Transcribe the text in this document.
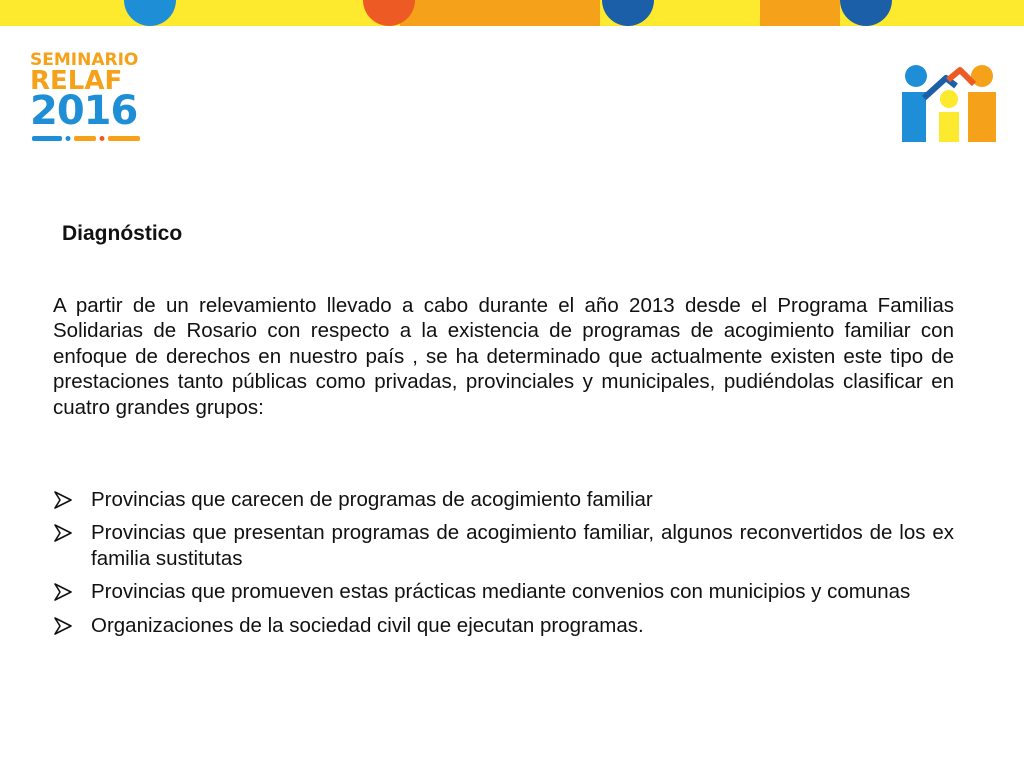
SEMINARIO
RELAF
2016
Diagnóstico
A partir de un relevamiento llevado a cabo durante el año 2013 desde el Programa Familias Solidarias de Rosario con respecto a la existencia de programas de acogimiento familiar con enfoque de derechos en nuestro país , se ha determinado que actualmente existen este tipo de prestaciones tanto públicas como privadas, provinciales y municipales, pudiéndolas clasificar en cuatro grandes grupos:
Provincias que carecen de programas de acogimiento familiar
Provincias que presentan programas de acogimiento familiar, algunos reconvertidos de los ex familia sustitutas
Provincias que promueven estas prácticas mediante convenios con municipios y comunas
Organizaciones de la sociedad civil que ejecutan programas.
